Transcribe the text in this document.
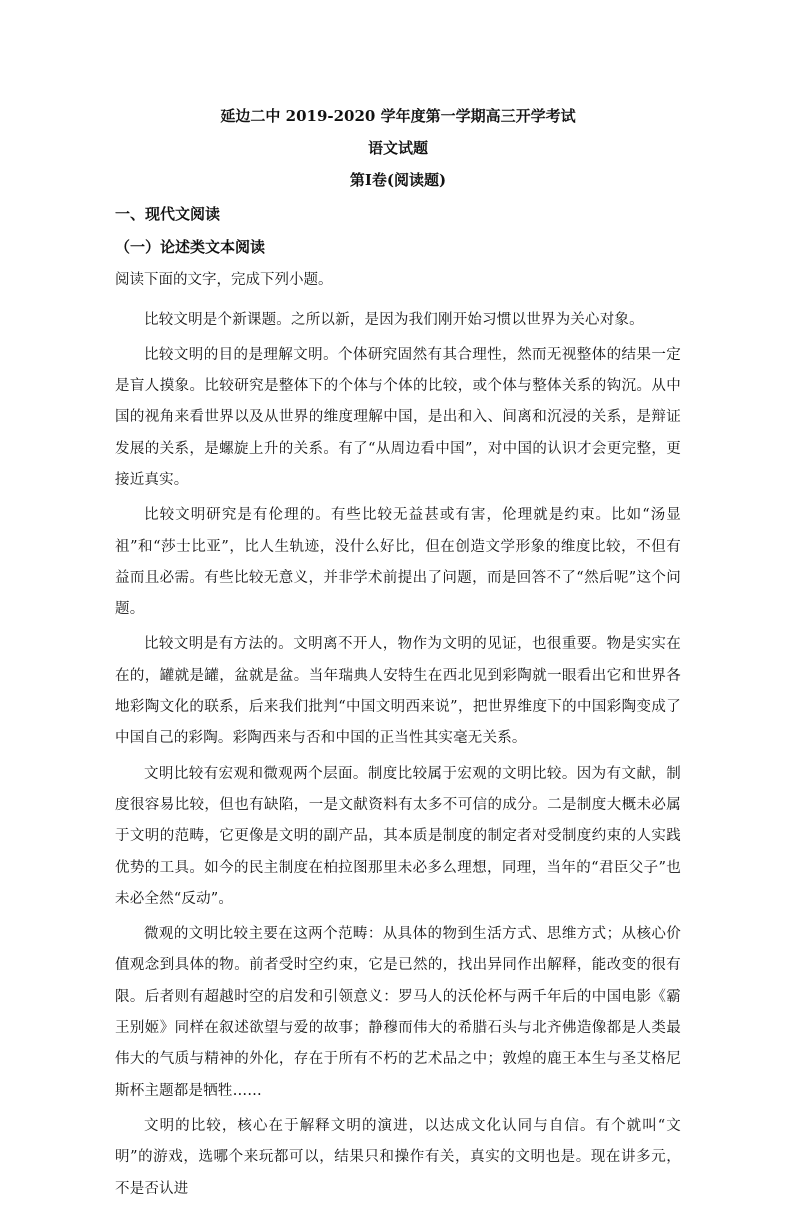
延边二中 2019-2020 学年度第一学期高三开学考试

语文试题

第Ⅰ卷(阅读题)

一、现代文阅读

（一）论述类文本阅读

阅读下面的文字，完成下列小题。

比较文明是个新课题。之所以新，是因为我们刚开始习惯以世界为关心对象。

比较文明的目的是理解文明。个体研究固然有其合理性，然而无视整体的结果一定是盲人摸象。比较研究是整体下的个体与个体的比较，或个体与整体关系的钩沉。从中国的视角来看世界以及从世界的维度理解中国，是出和入、间离和沉浸的关系，是辩证发展的关系，是螺旋上升的关系。有了“从周边看中国”，对中国的认识才会更完整，更接近真实。

比较文明研究是有伦理的。有些比较无益甚或有害，伦理就是约束。比如“汤显祖”和“莎士比亚”，比人生轨迹，没什么好比，但在创造文学形象的维度比较，不但有益而且必需。有些比较无意义，并非学术前提出了问题，而是回答不了“然后呢”这个问题。

比较文明是有方法的。文明离不开人，物作为文明的见证，也很重要。物是实实在在的，罐就是罐，盆就是盆。当年瑞典人安特生在西北见到彩陶就一眼看出它和世界各地彩陶文化的联系，后来我们批判“中国文明西来说”，把世界维度下的中国彩陶变成了中国自己的彩陶。彩陶西来与否和中国的正当性其实毫无关系。

文明比较有宏观和微观两个层面。制度比较属于宏观的文明比较。因为有文献，制度很容易比较，但也有缺陷，一是文献资料有太多不可信的成分。二是制度大概未必属于文明的范畴，它更像是文明的副产品，其本质是制度的制定者对受制度约束的人实践优势的工具。如今的民主制度在柏拉图那里未必多么理想，同理，当年的“君臣父子”也未必全然“反动”。

微观的文明比较主要在这两个范畴：从具体的物到生活方式、思维方式；从核心价值观念到具体的物。前者受时空约束，它是已然的，找出异同作出解释，能改变的很有限。后者则有超越时空的启发和引领意义：罗马人的沃伦杯与两千年后的中国电影《霸王别姬》同样在叙述欲望与爱的故事；静穆而伟大的希腊石头与北齐佛造像都是人类最伟大的气质与精神的外化，存在于所有不朽的艺术品之中；敦煌的鹿王本生与圣艾格尼斯杯主题都是牺牲……

文明的比较，核心在于解释文明的演进，以达成文化认同与自信。有个就叫“文明”的游戏，选哪个来玩都可以，结果只和操作有关，真实的文明也是。现在讲多元，不是否认进
